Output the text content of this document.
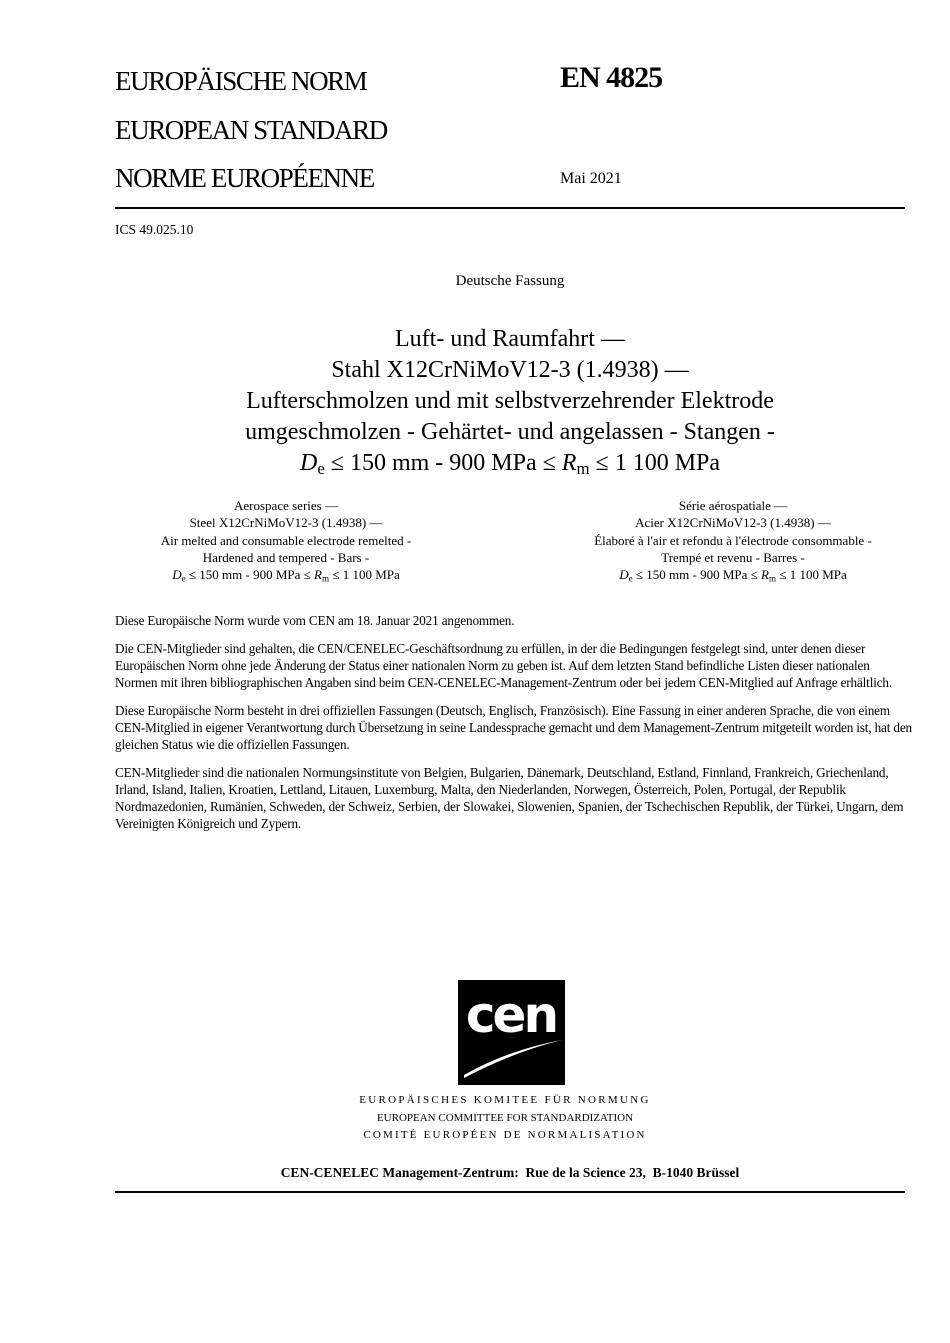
EUROPÄISCHE NORM
EUROPEAN STANDARD
NORME EUROPÉENNE
EN 4825
Mai 2021
ICS 49.025.10
Deutsche Fassung
Luft- und Raumfahrt —
Stahl X12CrNiMoV12-3 (1.4938) —
Lufterschmolzen und mit selbstverzehrender Elektrode
umgeschmolzen - Gehärtet- und angelassen - Stangen -
$D_e \le 150$ mm - 900 MPa ≤ $R_m \le 1$ 100 MPa
Aerospace series —
Steel X12CrNiMoV12-3 (1.4938) —
Air melted and consumable electrode remelted -
Hardened and tempered - Bars -
$D_e \le 150$ mm - 900 MPa ≤ $R_m \le 1$ 100 MPa
Série aérospatiale —
Acier X12CrNiMoV12-3 (1.4938) —
Élaboré à l'air et refondu à l'électrode consommable -
Trempé et revenu - Barres -
$D_e \le 150$ mm - 900 MPa ≤ $R_m \le 1$ 100 MPa

Diese Europäische Norm wurde vom CEN am 18. Januar 2021 angenommen.

Die CEN-Mitglieder sind gehalten, die CEN/CENELEC-Geschäftsordnung zu erfüllen, in der die Bedingungen festgelegt sind, unter denen dieser Europäischen Norm ohne jede Änderung der Status einer nationalen Norm zu geben ist. Auf dem letzten Stand befindliche Listen dieser nationalen Normen mit ihren bibliographischen Angaben sind beim CEN-CENELEC-Management-Zentrum oder bei jedem CEN-Mitglied auf Anfrage erhältlich.

Diese Europäische Norm besteht in drei offiziellen Fassungen (Deutsch, Englisch, Französisch). Eine Fassung in einer anderen Sprache, die von einem CEN-Mitglied in eigener Verantwortung durch Übersetzung in seine Landessprache gemacht und dem Management-Zentrum mitgeteilt worden ist, hat den gleichen Status wie die offiziellen Fassungen.

CEN-Mitglieder sind die nationalen Normungsinstitute von Belgien, Bulgarien, Dänemark, Deutschland, Estland, Finnland, Frankreich, Griechenland, Irland, Island, Italien, Kroatien, Lettland, Litauen, Luxemburg, Malta, den Niederlanden, Norwegen, Österreich, Polen, Portugal, der Republik Nordmazedonien, Rumänien, Schweden, der Schweiz, Serbien, der Slowakei, Slowenien, Spanien, der Tschechischen Republik, der Türkei, Ungarn, dem Vereinigten Königreich und Zypern.

cen
EUROPÄISCHES KOMITEE FÜR NORMUNG
EUROPEAN COMMITTEE FOR STANDARDIZATION
COMITÉ EUROPÉEN DE NORMALISATION
CEN-CENELEC Management-Zentrum:  Rue de la Science 23,  B-1040 Brüssel
